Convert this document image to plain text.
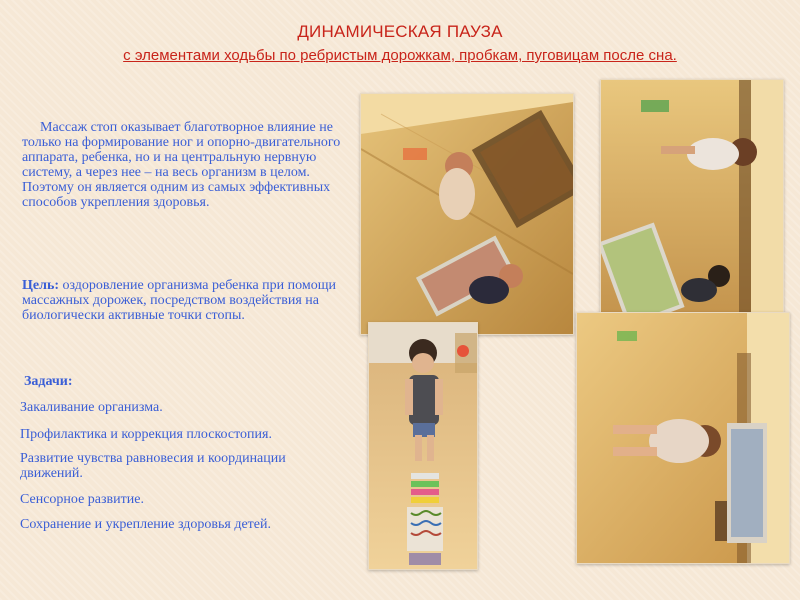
ДИНАМИЧЕСКАЯ ПАУЗА
с элементами ходьбы по ребристым дорожкам, пробкам, пуговицам после сна.
Массаж стоп оказывает благотворное влияние не только на формирование ног и опорно-двигательного аппарата, ребенка, но и на центральную нервную систему, а через нее – на весь организм в целом. Поэтому он является одним из самых эффективных способов укрепления здоровья.
Цель: оздоровление организма ребенка при помощи массажных дорожек, посредством воздействия на биологически активные точки стопы.
Задачи:
Закаливание организма.
Профилактика и коррекция плоскостопия.
Развитие чувства равновесия и координации движений.
Сенсорное развитие.
Сохранение и укрепление здоровья детей.
